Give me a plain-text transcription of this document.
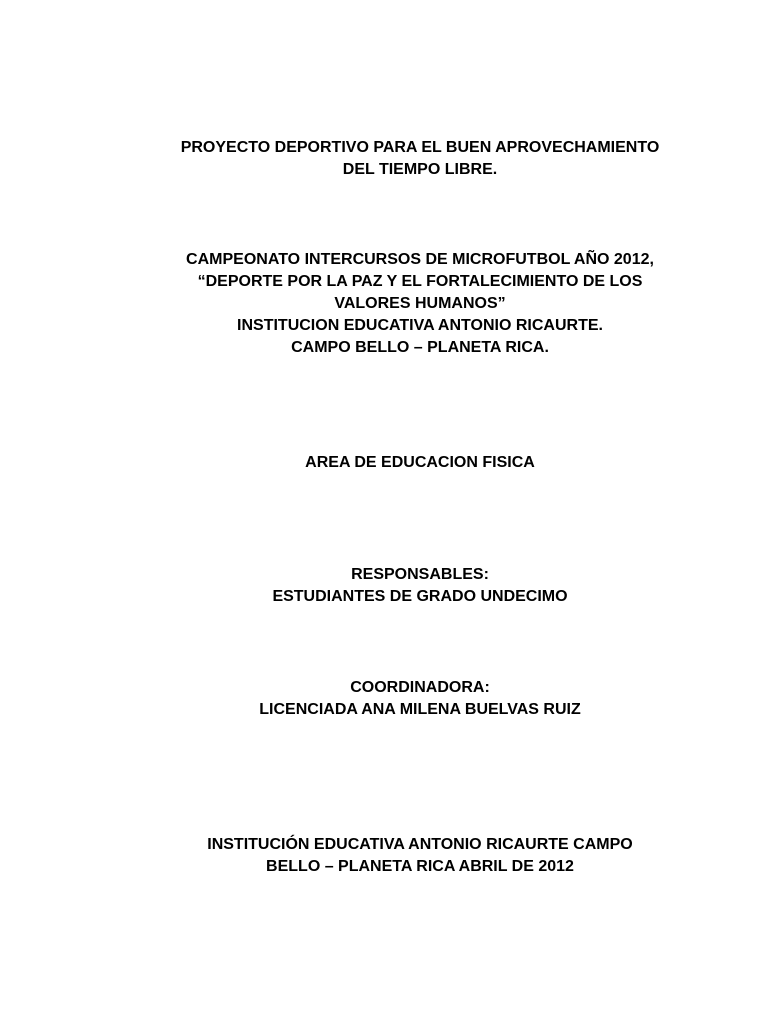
PROYECTO DEPORTIVO PARA EL BUEN APROVECHAMIENTO
DEL TIEMPO LIBRE.
CAMPEONATO INTERCURSOS DE MICROFUTBOL AÑO 2012,
“DEPORTE POR LA PAZ Y EL FORTALECIMIENTO DE LOS
VALORES HUMANOS”
INSTITUCION EDUCATIVA ANTONIO RICAURTE.
CAMPO BELLO – PLANETA RICA.
AREA DE EDUCACION FISICA
RESPONSABLES:
ESTUDIANTES DE GRADO UNDECIMO
COORDINADORA:
LICENCIADA ANA MILENA BUELVAS RUIZ
INSTITUCIÓN EDUCATIVA ANTONIO RICAURTE CAMPO
BELLO – PLANETA RICA ABRIL DE 2012
